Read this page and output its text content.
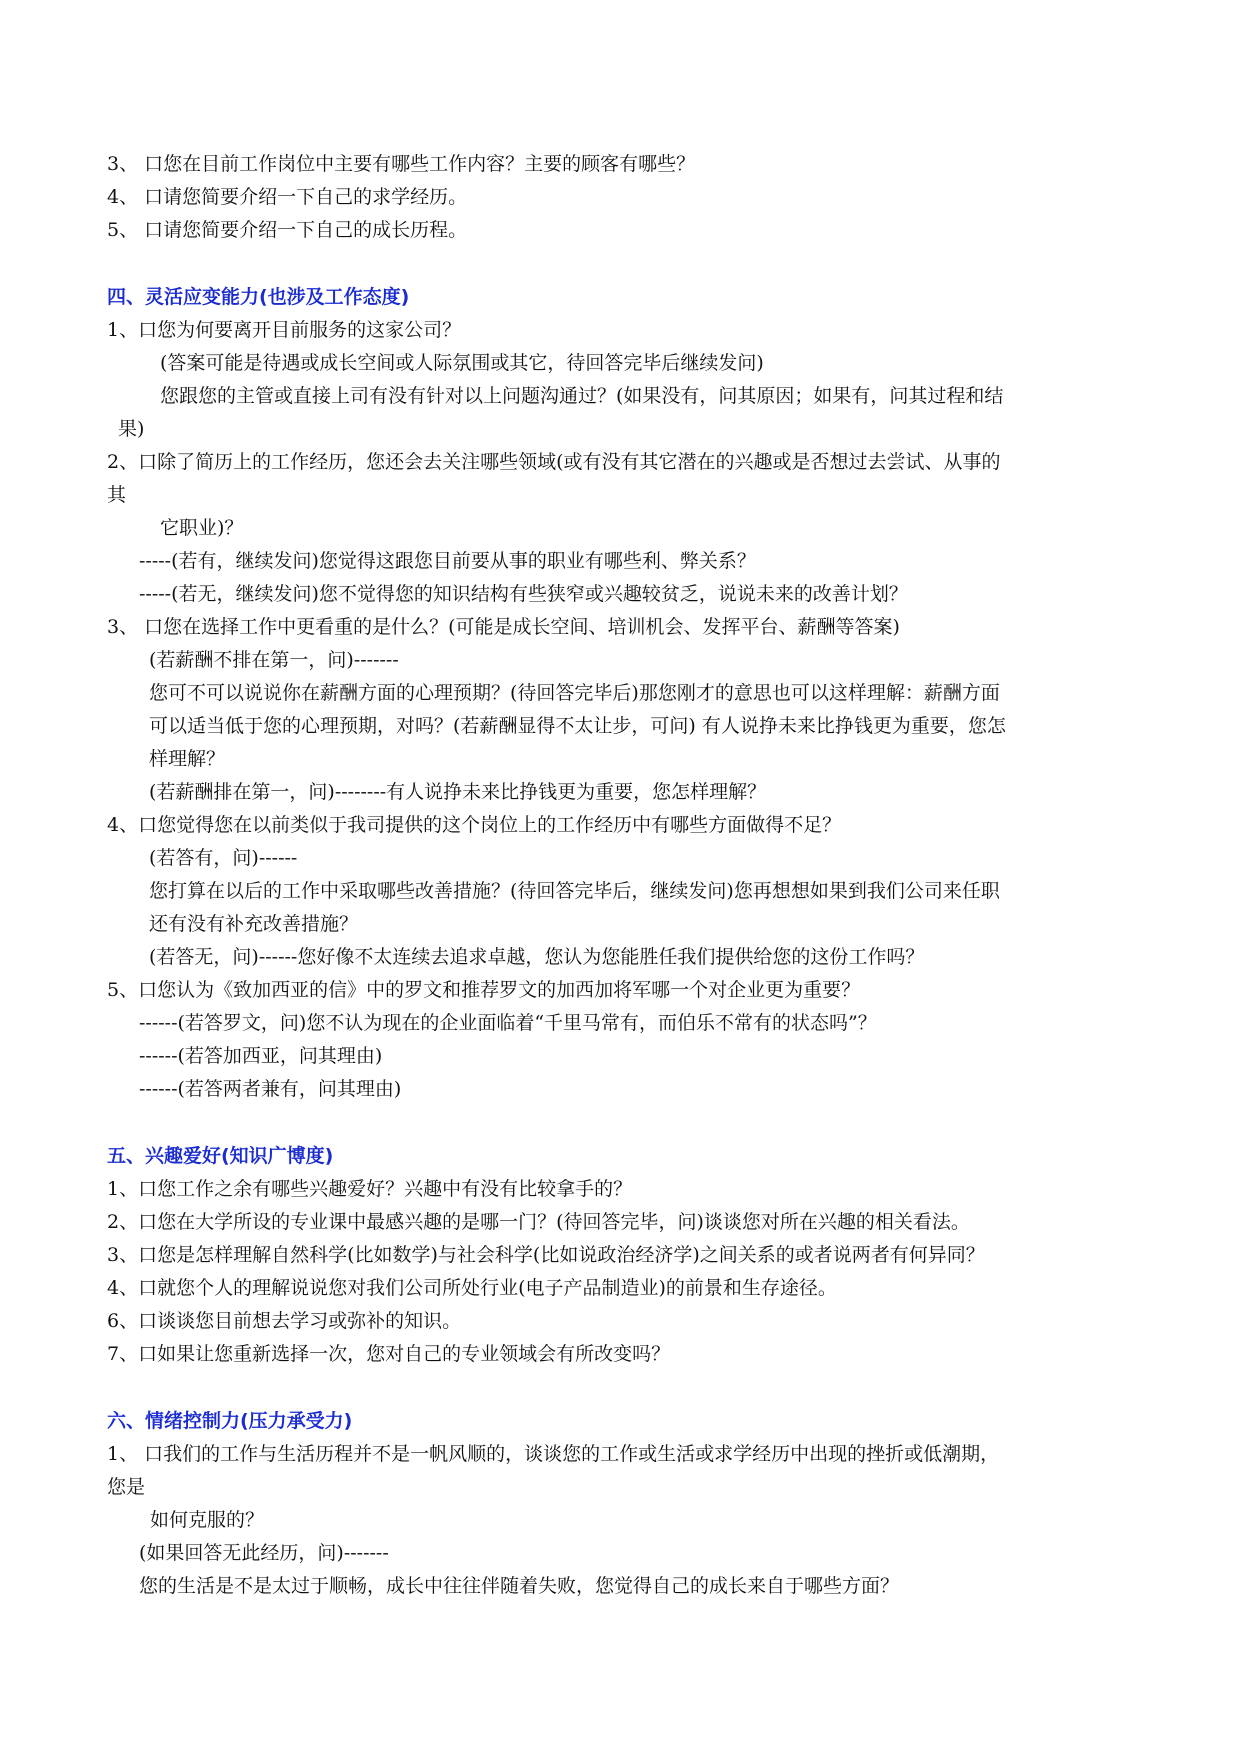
3、 口您在目前工作岗位中主要有哪些工作内容？主要的顾客有哪些？
4、 口请您简要介绍一下自己的求学经历。
5、 口请您简要介绍一下自己的成长历程。
四、灵活应变能力(也涉及工作态度)
1、口您为何要离开目前服务的这家公司？
(答案可能是待遇或成长空间或人际氛围或其它，待回答完毕后继续发问)
您跟您的主管或直接上司有没有针对以上问题沟通过？(如果没有，问其原因；如果有，问其过程和结
果)
2、口除了简历上的工作经历，您还会去关注哪些领域(或有没有其它潜在的兴趣或是否想过去尝试、从事的
其
它职业)？
-----(若有，继续发问)您觉得这跟您目前要从事的职业有哪些利、弊关系？
-----(若无，继续发问)您不觉得您的知识结构有些狭窄或兴趣较贫乏，说说未来的改善计划？
3、 口您在选择工作中更看重的是什么？(可能是成长空间、培训机会、发挥平台、薪酬等答案)
(若薪酬不排在第一，问)-------
您可不可以说说你在薪酬方面的心理预期？(待回答完毕后)那您刚才的意思也可以这样理解：薪酬方面
可以适当低于您的心理预期，对吗？(若薪酬显得不太让步，可问) 有人说挣未来比挣钱更为重要，您怎
样理解？
(若薪酬排在第一，问)--------有人说挣未来比挣钱更为重要，您怎样理解？
4、口您觉得您在以前类似于我司提供的这个岗位上的工作经历中有哪些方面做得不足？
(若答有，问)------
您打算在以后的工作中采取哪些改善措施？(待回答完毕后，继续发问)您再想想如果到我们公司来任职
还有没有补充改善措施？
(若答无，问)------您好像不太连续去追求卓越，您认为您能胜任我们提供给您的这份工作吗？
5、口您认为《致加西亚的信》中的罗文和推荐罗文的加西加将军哪一个对企业更为重要？
------(若答罗文，问)您不认为现在的企业面临着“千里马常有，而伯乐不常有的状态吗”？
------(若答加西亚，问其理由)
------(若答两者兼有，问其理由)
五、兴趣爱好(知识广博度)
1、口您工作之余有哪些兴趣爱好？兴趣中有没有比较拿手的？
2、口您在大学所设的专业课中最感兴趣的是哪一门？(待回答完毕，问)谈谈您对所在兴趣的相关看法。
3、口您是怎样理解自然科学(比如数学)与社会科学(比如说政治经济学)之间关系的或者说两者有何异同？
4、口就您个人的理解说说您对我们公司所处行业(电子产品制造业)的前景和生存途径。
6、口谈谈您目前想去学习或弥补的知识。
7、口如果让您重新选择一次，您对自己的专业领域会有所改变吗？
六、情绪控制力(压力承受力)
1、 口我们的工作与生活历程并不是一帆风顺的，谈谈您的工作或生活或求学经历中出现的挫折或低潮期，
您是
如何克服的？
(如果回答无此经历，问)-------
您的生活是不是太过于顺畅，成长中往往伴随着失败，您觉得自己的成长来自于哪些方面？
